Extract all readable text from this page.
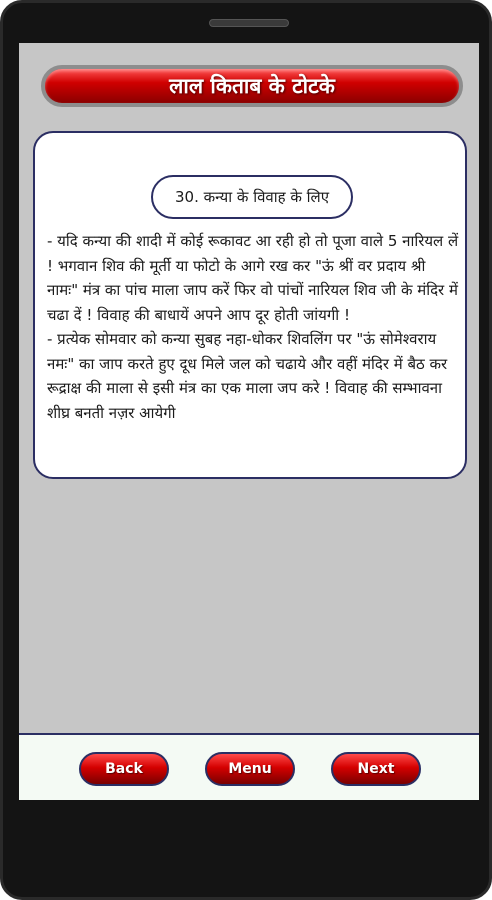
लाल किताब के टोटके
30. कन्या के विवाह के लिए

- यदि कन्या की शादी में कोई रूकावट आ रही हो तो पूजा वाले 5 नारियल लें ! भगवान शिव की मूर्ती या फोटो के आगे रख कर "ऊं श्रीं वर प्रदाय श्री नामः" मंत्र का पांच माला जाप करें फिर वो पांचों नारियल शिव जी के मंदिर में चढा दें ! विवाह की बाधायें अपने आप दूर होती जांयगी !

- प्रत्येक सोमवार को कन्या सुबह नहा-धोकर शिवलिंग पर "ऊं सोमेश्वराय नमः" का जाप करते हुए दूध मिले जल को चढाये और वहीं मंदिर में बैठ कर रूद्राक्ष की माला से इसी मंत्र का एक माला जप करे ! विवाह की सम्भावना शीघ्र बनती नज़र आयेगी

Back	Menu	Next
